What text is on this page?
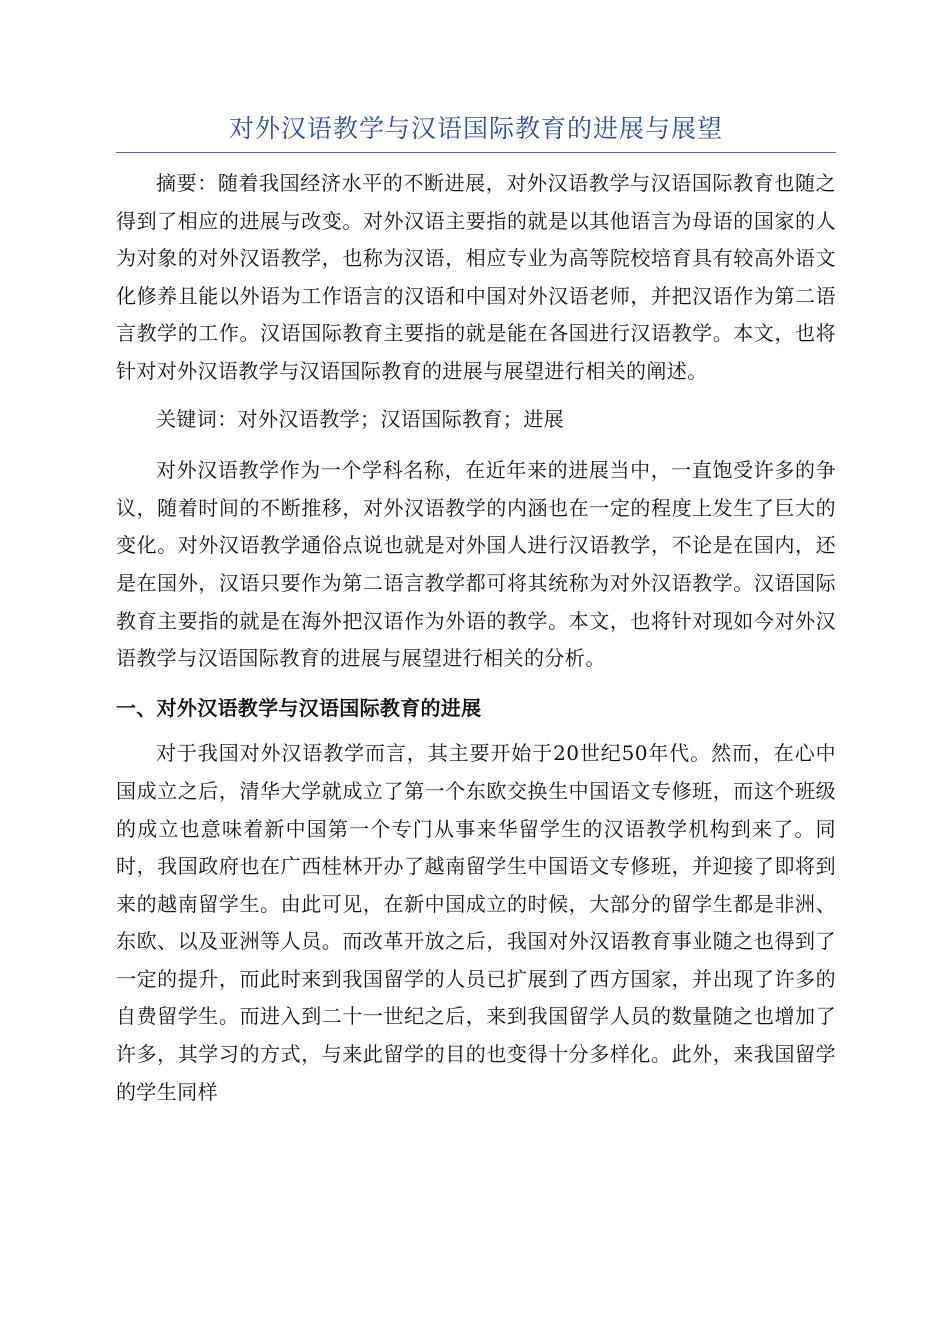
对外汉语教学与汉语国际教育的进展与展望

摘要：随着我国经济水平的不断进展，对外汉语教学与汉语国际教育也随之得到了相应的进展与改变。对外汉语主要指的就是以其他语言为母语的国家的人为对象的对外汉语教学，也称为汉语，相应专业为高等院校培育具有较高外语文化修养且能以外语为工作语言的汉语和中国对外汉语老师，并把汉语作为第二语言教学的工作。汉语国际教育主要指的就是能在各国进行汉语教学。本文，也将针对对外汉语教学与汉语国际教育的进展与展望进行相关的阐述。

关键词：对外汉语教学；汉语国际教育；进展

对外汉语教学作为一个学科名称，在近年来的进展当中，一直饱受许多的争议，随着时间的不断推移，对外汉语教学的内涵也在一定的程度上发生了巨大的变化。对外汉语教学通俗点说也就是对外国人进行汉语教学，不论是在国内，还是在国外，汉语只要作为第二语言教学都可将其统称为对外汉语教学。汉语国际教育主要指的就是在海外把汉语作为外语的教学。本文，也将针对现如今对外汉语教学与汉语国际教育的进展与展望进行相关的分析。

一、对外汉语教学与汉语国际教育的进展

对于我国对外汉语教学而言，其主要开始于20世纪50年代。然而，在心中国成立之后，清华大学就成立了第一个东欧交换生中国语文专修班，而这个班级的成立也意味着新中国第一个专门从事来华留学生的汉语教学机构到来了。同时，我国政府也在广西桂林开办了越南留学生中国语文专修班，并迎接了即将到来的越南留学生。由此可见，在新中国成立的时候，大部分的留学生都是非洲、东欧、以及亚洲等人员。而改革开放之后，我国对外汉语教育事业随之也得到了一定的提升，而此时来到我国留学的人员已扩展到了西方国家，并出现了许多的自费留学生。而进入到二十一世纪之后，来到我国留学人员的数量随之也增加了许多，其学习的方式，与来此留学的目的也变得十分多样化。此外，来我国留学的学生同样
